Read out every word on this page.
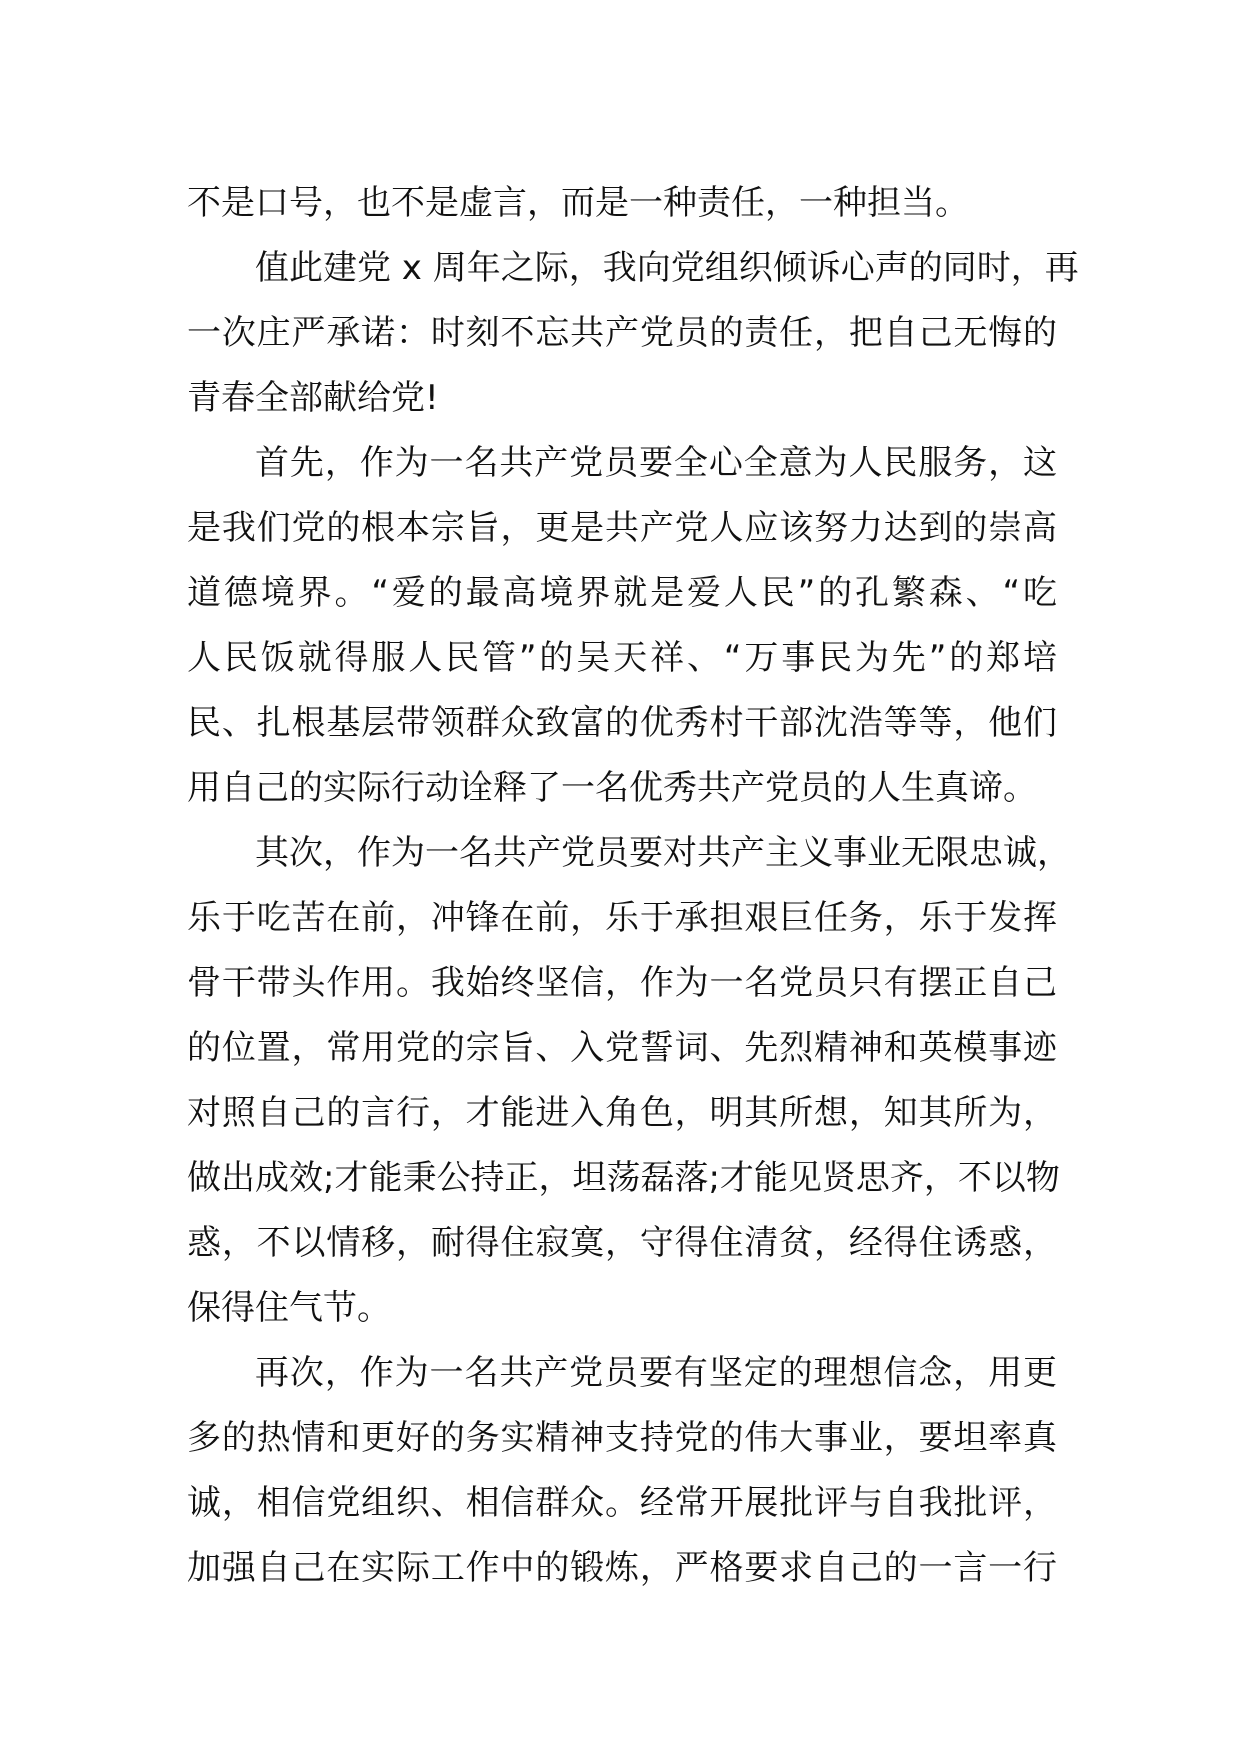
不是口号，也不是虚言，而是一种责任，一种担当。
值此建党 x 周年之际，我向党组织倾诉心声的同时，再
一次庄严承诺：时刻不忘共产党员的责任，把自己无悔的
青春全部献给党!
首先，作为一名共产党员要全心全意为人民服务，这
是我们党的根本宗旨，更是共产党人应该努力达到的崇高
道德境界。“爱的最高境界就是爱人民”的孔繁森、“吃
人民饭就得服人民管”的吴天祥、“万事民为先”的郑培
民、扎根基层带领群众致富的优秀村干部沈浩等等，他们
用自己的实际行动诠释了一名优秀共产党员的人生真谛。
其次，作为一名共产党员要对共产主义事业无限忠诚，
乐于吃苦在前，冲锋在前，乐于承担艰巨任务，乐于发挥
骨干带头作用。我始终坚信，作为一名党员只有摆正自己
的位置，常用党的宗旨、入党誓词、先烈精神和英模事迹
对照自己的言行，才能进入角色，明其所想，知其所为，
做出成效;才能秉公持正，坦荡磊落;才能见贤思齐，不以物
惑，不以情移，耐得住寂寞，守得住清贫，经得住诱惑，
保得住气节。
再次，作为一名共产党员要有坚定的理想信念，用更
多的热情和更好的务实精神支持党的伟大事业，要坦率真
诚，相信党组织、相信群众。经常开展批评与自我批评，
加强自己在实际工作中的锻炼，严格要求自己的一言一行
